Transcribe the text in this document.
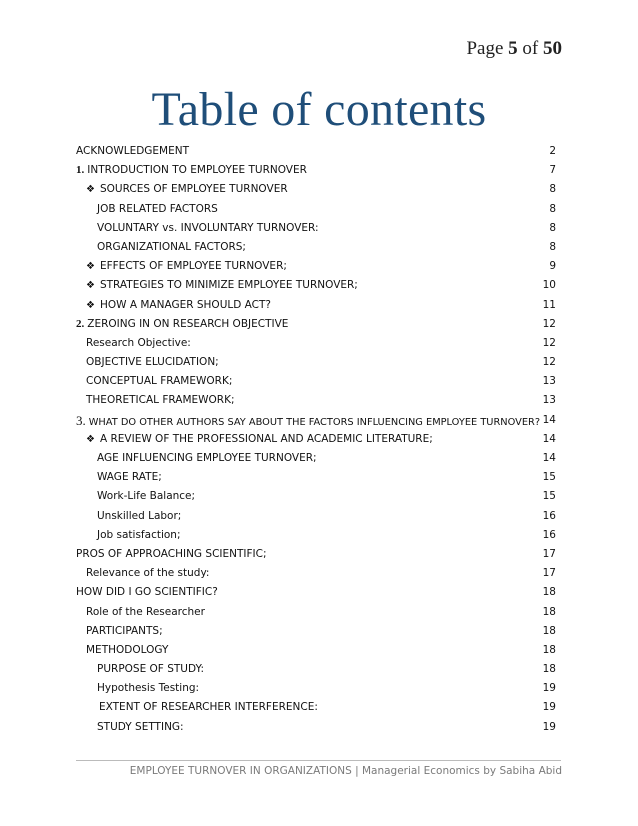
Page 5 of 50
Table of contents
ACKNOWLEDGEMENT	2
1. INTRODUCTION TO EMPLOYEE TURNOVER	7
❖ SOURCES OF EMPLOYEE TURNOVER	8
JOB RELATED FACTORS	8
VOLUNTARY vs. INVOLUNTARY TURNOVER:	8
ORGANIZATIONAL FACTORS;	8
❖ EFFECTS OF EMPLOYEE TURNOVER;	9
❖ STRATEGIES TO MINIMIZE EMPLOYEE TURNOVER;	10
❖ HOW A MANAGER SHOULD ACT?	11
2. ZEROING IN ON RESEARCH OBJECTIVE	12
Research Objective:	12
OBJECTIVE ELUCIDATION;	12
CONCEPTUAL FRAMEWORK;	13
THEORETICAL FRAMEWORK;	13
3. WHAT DO OTHER AUTHORS SAY ABOUT THE FACTORS INFLUENCING EMPLOYEE TURNOVER? 14
❖ A REVIEW OF THE PROFESSIONAL AND ACADEMIC LITERATURE;	14
AGE INFLUENCING EMPLOYEE TURNOVER;	14
WAGE RATE;	15
Work-Life Balance;	15
Unskilled Labor;	16
Job satisfaction;	16
PROS OF APPROACHING SCIENTIFIC;	17
Relevance of the study:	17
HOW DID I GO SCIENTIFIC?	18
Role of the Researcher	18
PARTICIPANTS;	18
METHODOLOGY	18
PURPOSE OF STUDY:	18
Hypothesis Testing:	19
EXTENT OF RESEARCHER INTERFERENCE:	19
STUDY SETTING:	19
EMPLOYEE TURNOVER IN ORGANIZATIONS | Managerial Economics by Sabiha Abid
